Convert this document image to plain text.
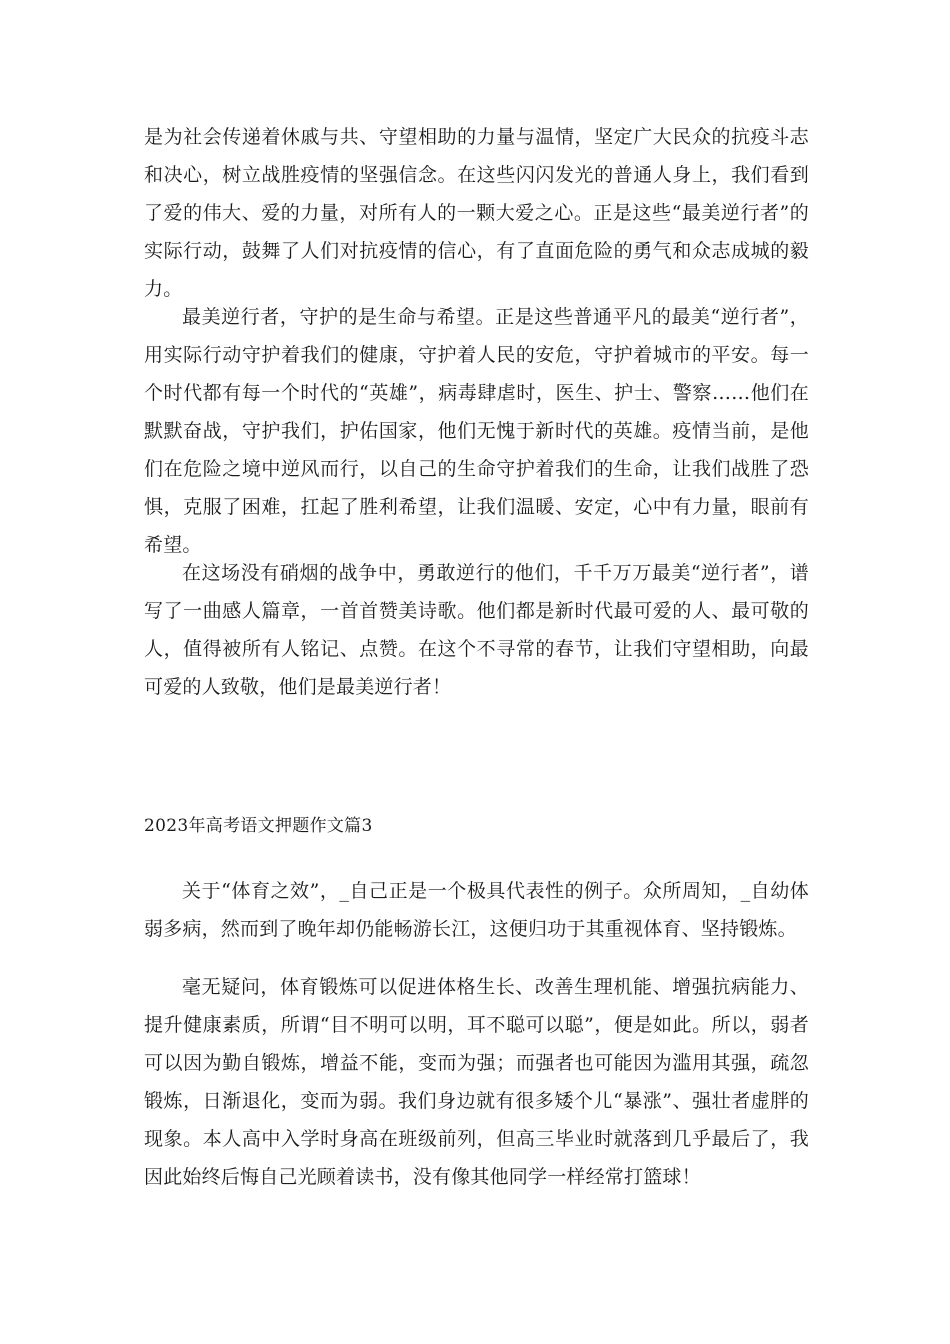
是为社会传递着休戚与共、守望相助的力量与温情，坚定广大民众的抗疫斗志和决心，树立战胜疫情的坚强信念。在这些闪闪发光的普通人身上，我们看到了爱的伟大、爱的力量，对所有人的一颗大爱之心。正是这些“最美逆行者”的实际行动，鼓舞了人们对抗疫情的信心，有了直面危险的勇气和众志成城的毅力。

最美逆行者，守护的是生命与希望。正是这些普通平凡的最美“逆行者”，用实际行动守护着我们的健康，守护着人民的安危，守护着城市的平安。每一个时代都有每一个时代的“英雄”，病毒肆虐时，医生、护士、警察……他们在默默奋战，守护我们，护佑国家，他们无愧于新时代的英雄。疫情当前，是他们在危险之境中逆风而行，以自己的生命守护着我们的生命，让我们战胜了恐惧，克服了困难，扛起了胜利希望，让我们温暖、安定，心中有力量，眼前有希望。

在这场没有硝烟的战争中，勇敢逆行的他们，千千万万最美“逆行者”，谱写了一曲感人篇章，一首首赞美诗歌。他们都是新时代最可爱的人、最可敬的人，值得被所有人铭记、点赞。在这个不寻常的春节，让我们守望相助，向最可爱的人致敬，他们是最美逆行者！

2023年高考语文押题作文篇3

关于“体育之效”，_自己正是一个极具代表性的例子。众所周知，_自幼体弱多病，然而到了晚年却仍能畅游长江，这便归功于其重视体育、坚持锻炼。

毫无疑问，体育锻炼可以促进体格生长、改善生理机能、增强抗病能力、提升健康素质，所谓“目不明可以明，耳不聪可以聪”，便是如此。所以，弱者可以因为勤自锻炼，增益不能，变而为强；而强者也可能因为滥用其强，疏忽锻炼，日渐退化，变而为弱。我们身边就有很多矮个儿“暴涨”、强壮者虚胖的现象。本人高中入学时身高在班级前列，但高三毕业时就落到几乎最后了，我因此始终后悔自己光顾着读书，没有像其他同学一样经常打篮球！
